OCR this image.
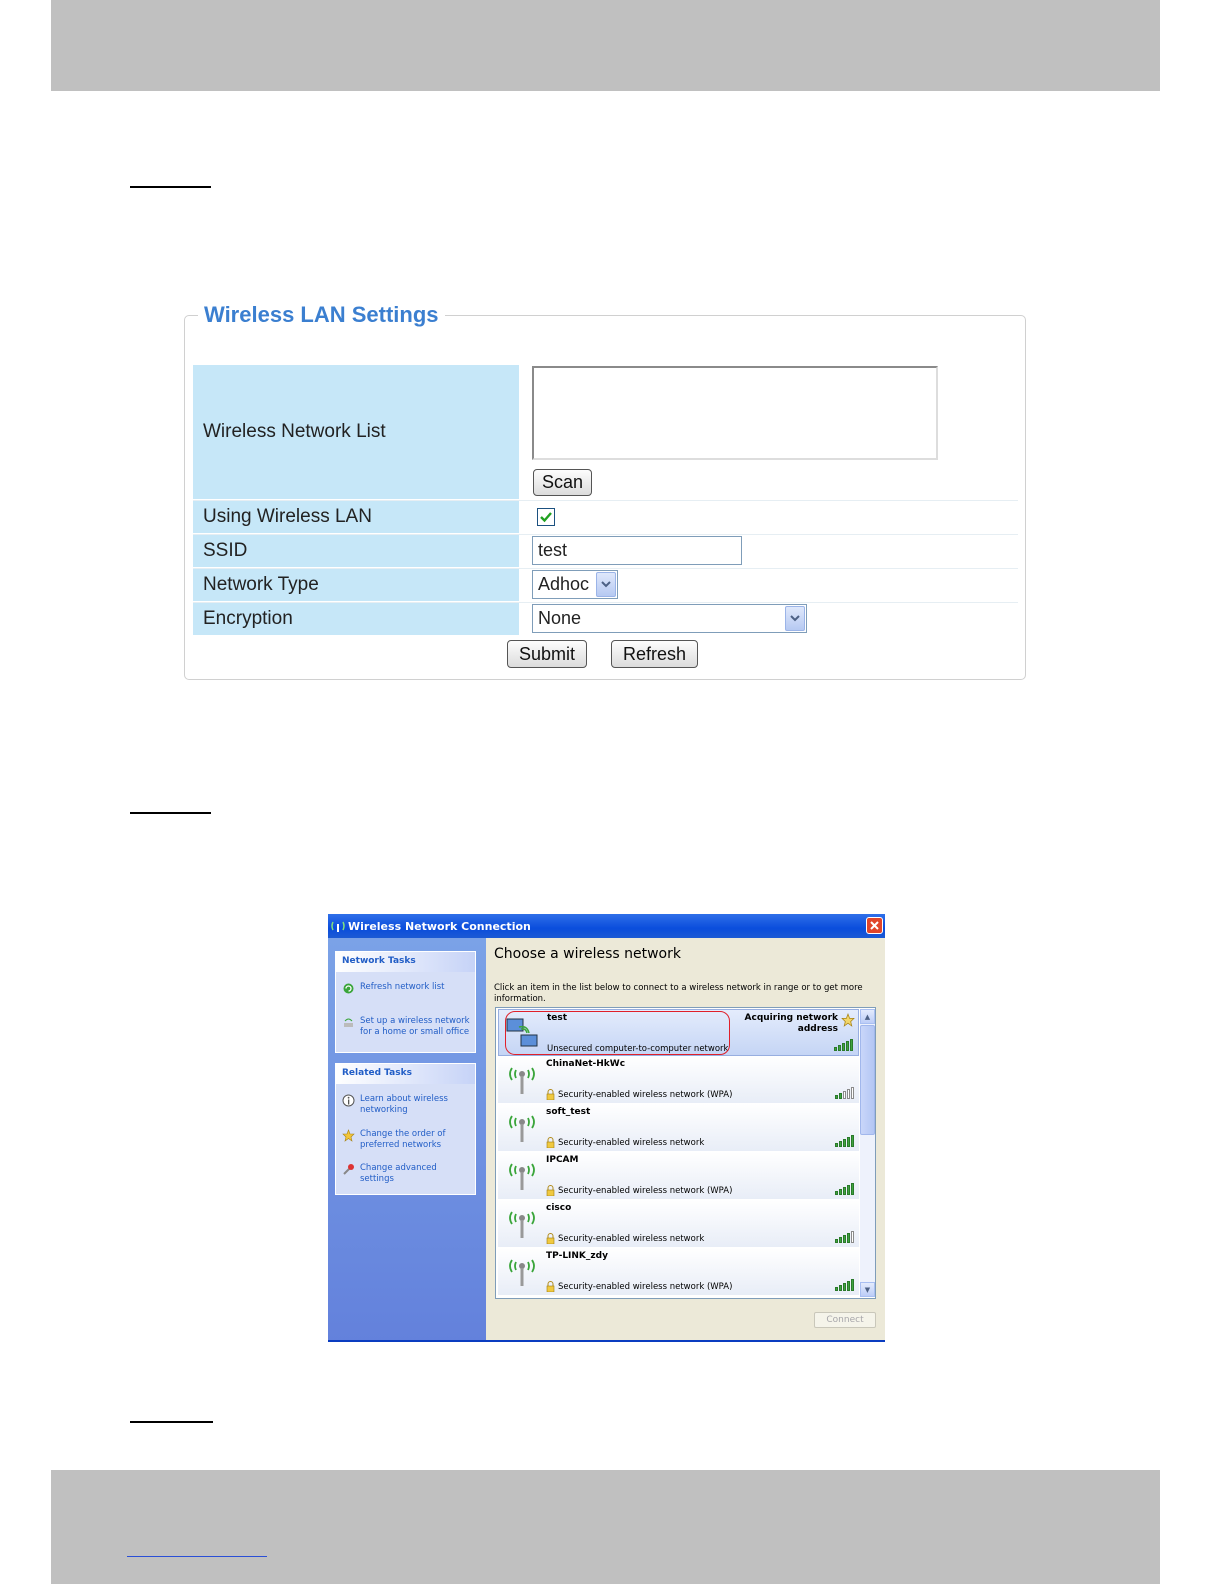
Wireless LAN Settings
Wireless Network List
Using Wireless LAN
SSID
Network Type
Encryption
Scan
test
Adhoc
None
Submit	Refresh
Wireless Network Connection
Network Tasks
Refresh network list
Set up a wireless network for a home or small office
Related Tasks
Learn about wireless networking
Change the order of preferred networks
Change advanced settings
Choose a wireless network
Click an item in the list below to connect to a wireless network in range or to get more information.
test	Acquiring network address
Unsecured computer-to-computer network
ChinaNet-HkWc
Security-enabled wireless network (WPA)
soft_test
Security-enabled wireless network
IPCAM
Security-enabled wireless network (WPA)
cisco
Security-enabled wireless network
TP-LINK_zdy
Security-enabled wireless network (WPA)
▲
▼
Connect
